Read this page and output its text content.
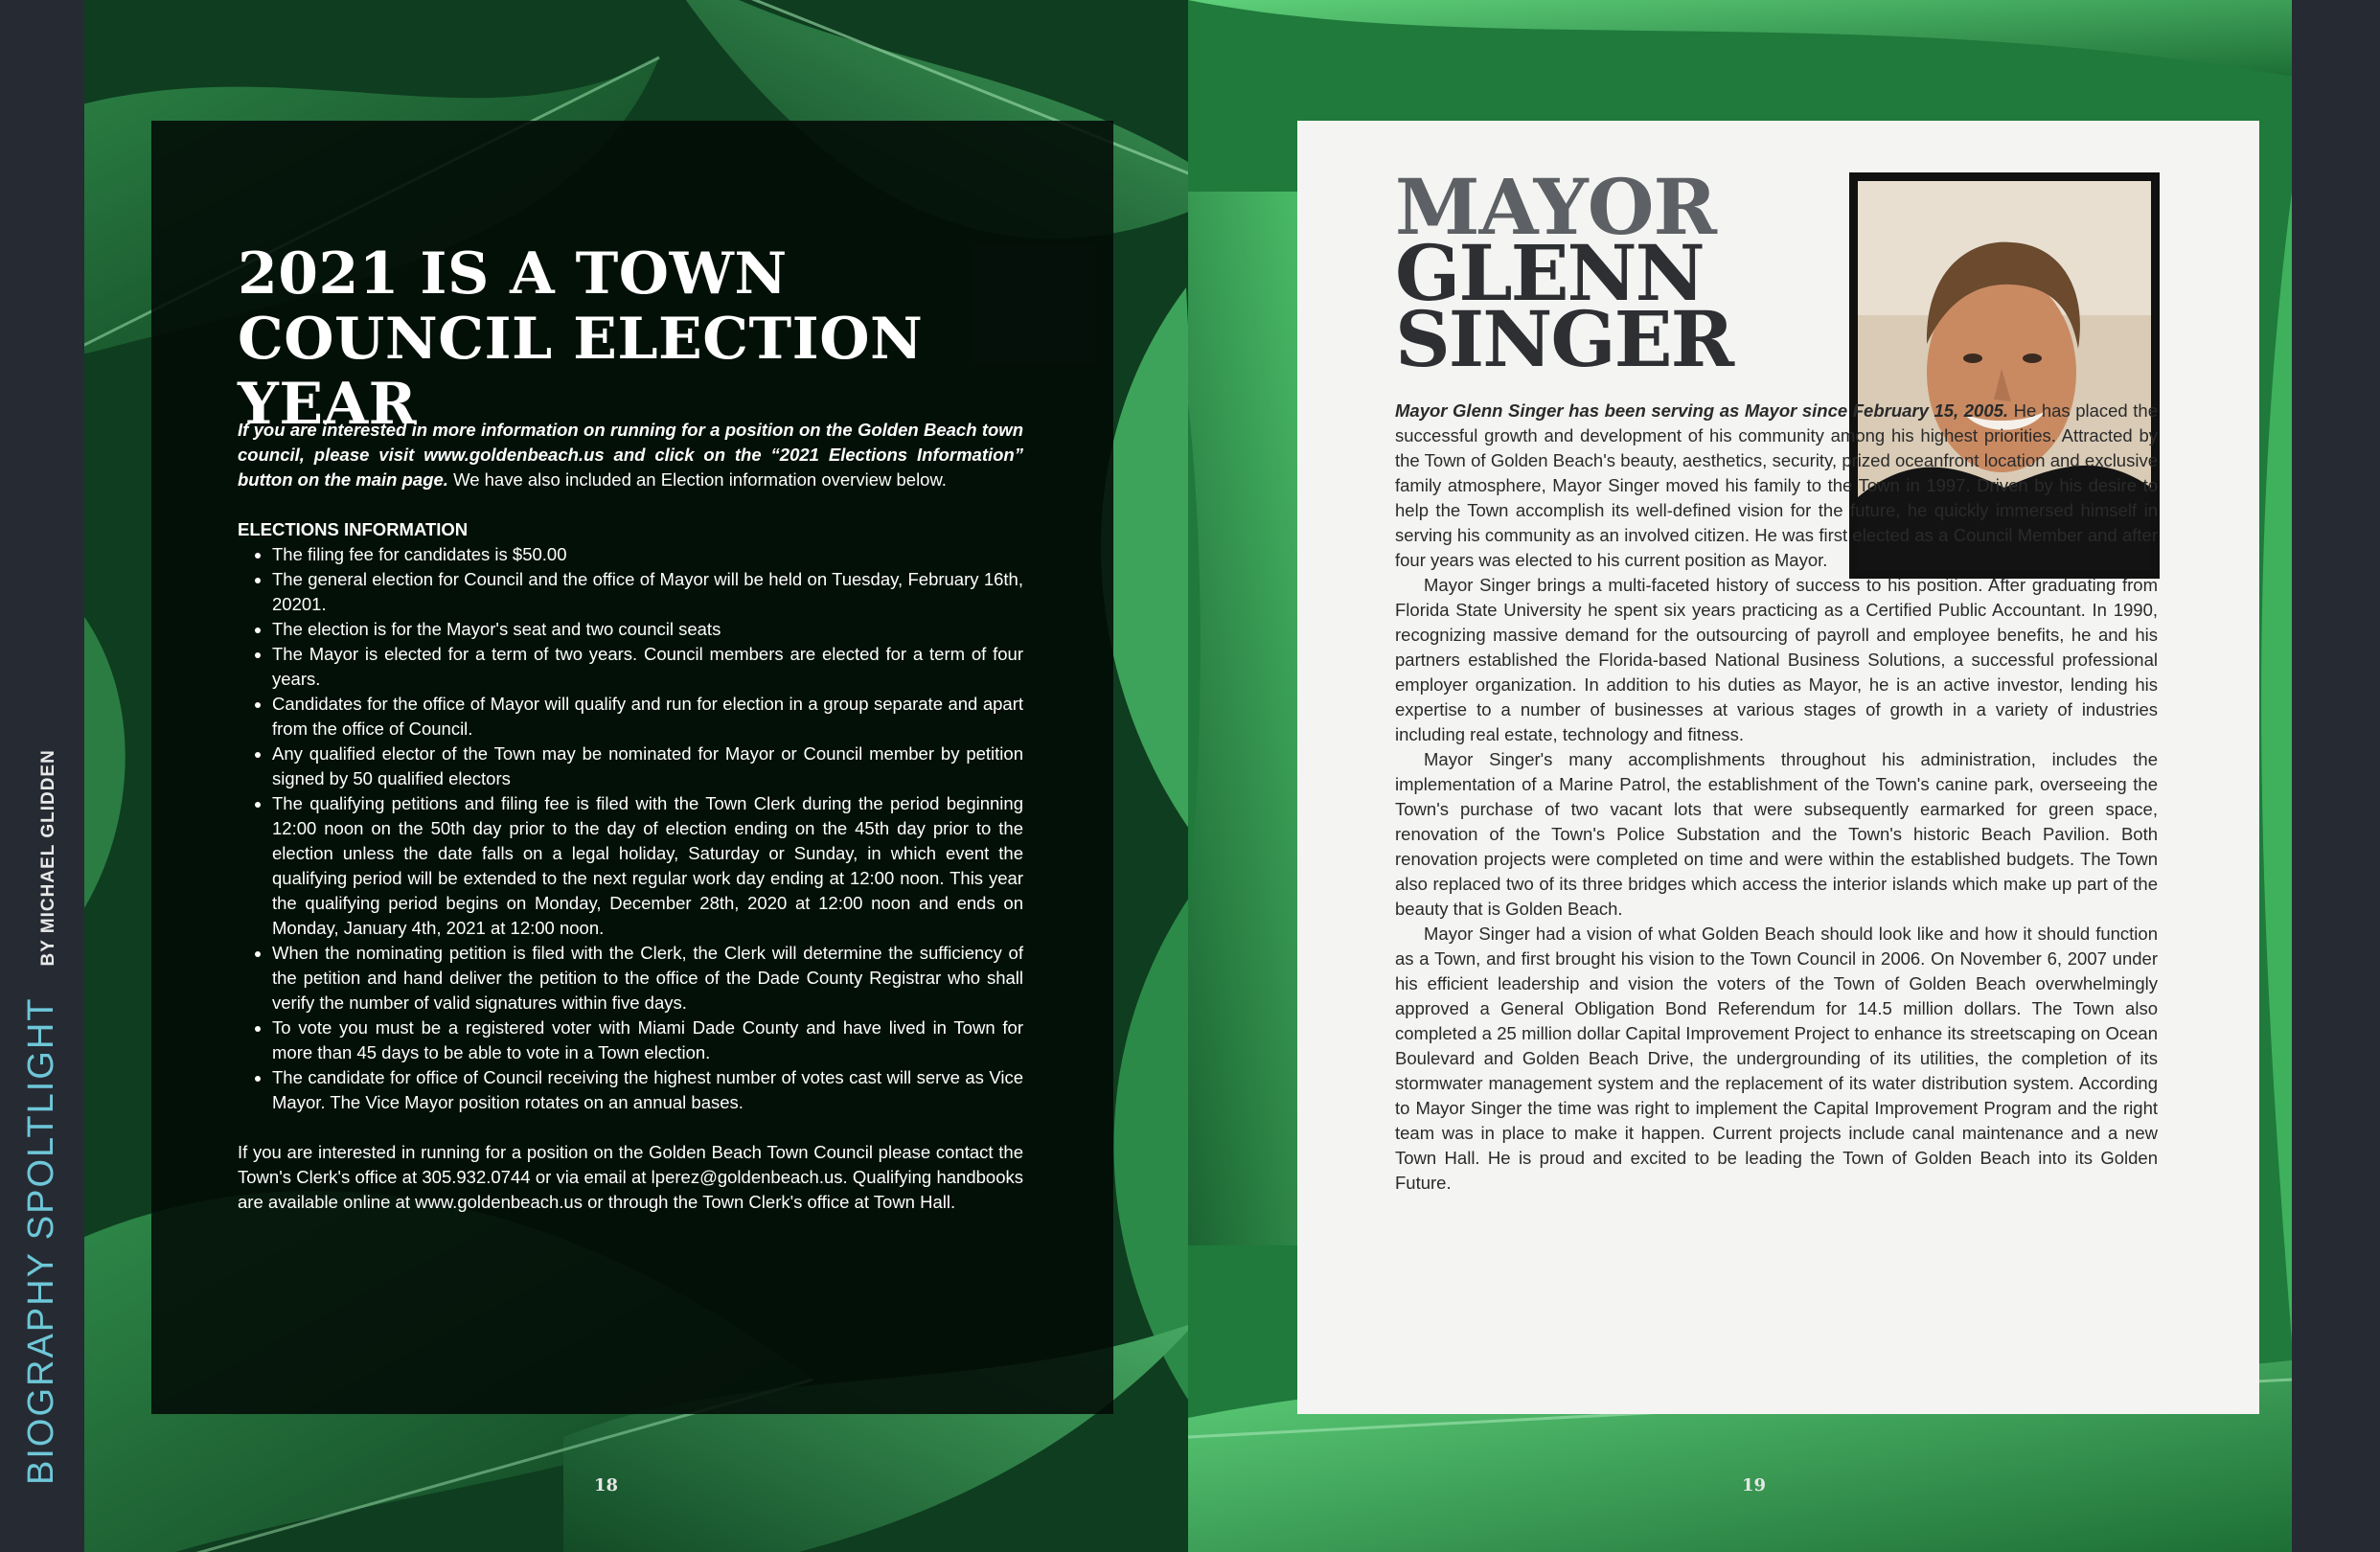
BIOGRAPHY SPOLTLIGHTBY MICHAEL GLIDDEN
2021 IS A TOWN COUNCIL ELECTION YEAR

If you are interested in more information on running for a position on the Golden Beach town council, please visit www.goldenbeach.us and click on the “2021 Elections Information” button on the main page. We have also included an Election information overview below.

ELECTIONS INFORMATION

• The filing fee for candidates is $50.00
• The general election for Council and the office of Mayor will be held on Tuesday, February 16th, 20201.
• The election is for the Mayor's seat and two council seats
• The Mayor is elected for a term of two years. Council members are elected for a term of four years.
• Candidates for the office of Mayor will qualify and run for election in a group separate and apart from the office of Council.
• Any qualified elector of the Town may be nominated for Mayor or Council member by petition signed by 50 qualified electors
• The qualifying petitions and filing fee is filed with the Town Clerk during the period beginning 12:00 noon on the 50th day prior to the day of election ending on the 45th day prior to the election unless the date falls on a legal holiday, Saturday or Sunday, in which event the qualifying period will be extended to the next regular work day ending at 12:00 noon. This year the qualifying period begins on Monday, December 28th, 2020 at 12:00 noon and ends on Monday, January 4th, 2021 at 12:00 noon.
• When the nominating petition is filed with the Clerk, the Clerk will determine the sufficiency of the petition and hand deliver the petition to the office of the Dade County Registrar who shall verify the number of valid signatures within five days.
• To vote you must be a registered voter with Miami Dade County and have lived in Town for more than 45 days to be able to vote in a Town election.
• The candidate for office of Council receiving the highest number of votes cast will serve as Vice Mayor. The Vice Mayor position rotates on an annual bases.

If you are interested in running for a position on the Golden Beach Town Council please contact the Town's Clerk's office at 305.932.0744 or via email at lperez@goldenbeach.us. Qualifying handbooks are available online at www.goldenbeach.us or through the Town Clerk's office at Town Hall.

MAYOR
GLENN
SINGER

Mayor Glenn Singer has been serving as Mayor since February 15, 2005. He has placed the successful growth and development of his community among his highest priorities. Attracted by the Town of Golden Beach's beauty, aesthetics, security, prized oceanfront location and exclusive family atmosphere, Mayor Singer moved his family to the Town in 1997. Driven by his desire to help the Town accomplish its well-defined vision for the future, he quickly immersed himself in serving his community as an involved citizen. He was first elected as a Council Member and after four years was elected to his current position as Mayor.

Mayor Singer brings a multi-faceted history of success to his position. After graduating from Florida State University he spent six years practicing as a Certified Public Accountant. In 1990, recognizing massive demand for the outsourcing of payroll and employee benefits, he and his partners established the Florida-based National Business Solutions, a successful professional employer organization. In addition to his duties as Mayor, he is an active investor, lending his expertise to a number of businesses at various stages of growth in a variety of industries including real estate, technology and fitness.

Mayor Singer's many accomplishments throughout his administration, includes the implementation of a Marine Patrol, the establishment of the Town's canine park, overseeing the Town's purchase of two vacant lots that were subsequently earmarked for green space, renovation of the Town's Police Substation and the Town's historic Beach Pavilion. Both renovation projects were completed on time and were within the established budgets. The Town also replaced two of its three bridges which access the interior islands which make up part of the beauty that is Golden Beach.

Mayor Singer had a vision of what Golden Beach should look like and how it should function as a Town, and first brought his vision to the Town Council in 2006. On November 6, 2007 under his efficient leadership and vision the voters of the Town of Golden Beach overwhelmingly approved a General Obligation Bond Referendum for 14.5 million dollars. The Town also completed a 25 million dollar Capital Improvement Project to enhance its streetscaping on Ocean Boulevard and Golden Beach Drive, the undergrounding of its utilities, the completion of its stormwater management system and the replacement of its water distribution system. According to Mayor Singer the time was right to implement the Capital Improvement Program and the right team was in place to make it happen. Current projects include canal maintenance and a new Town Hall. He is proud and excited to be leading the Town of Golden Beach into its Golden Future.

18	19
